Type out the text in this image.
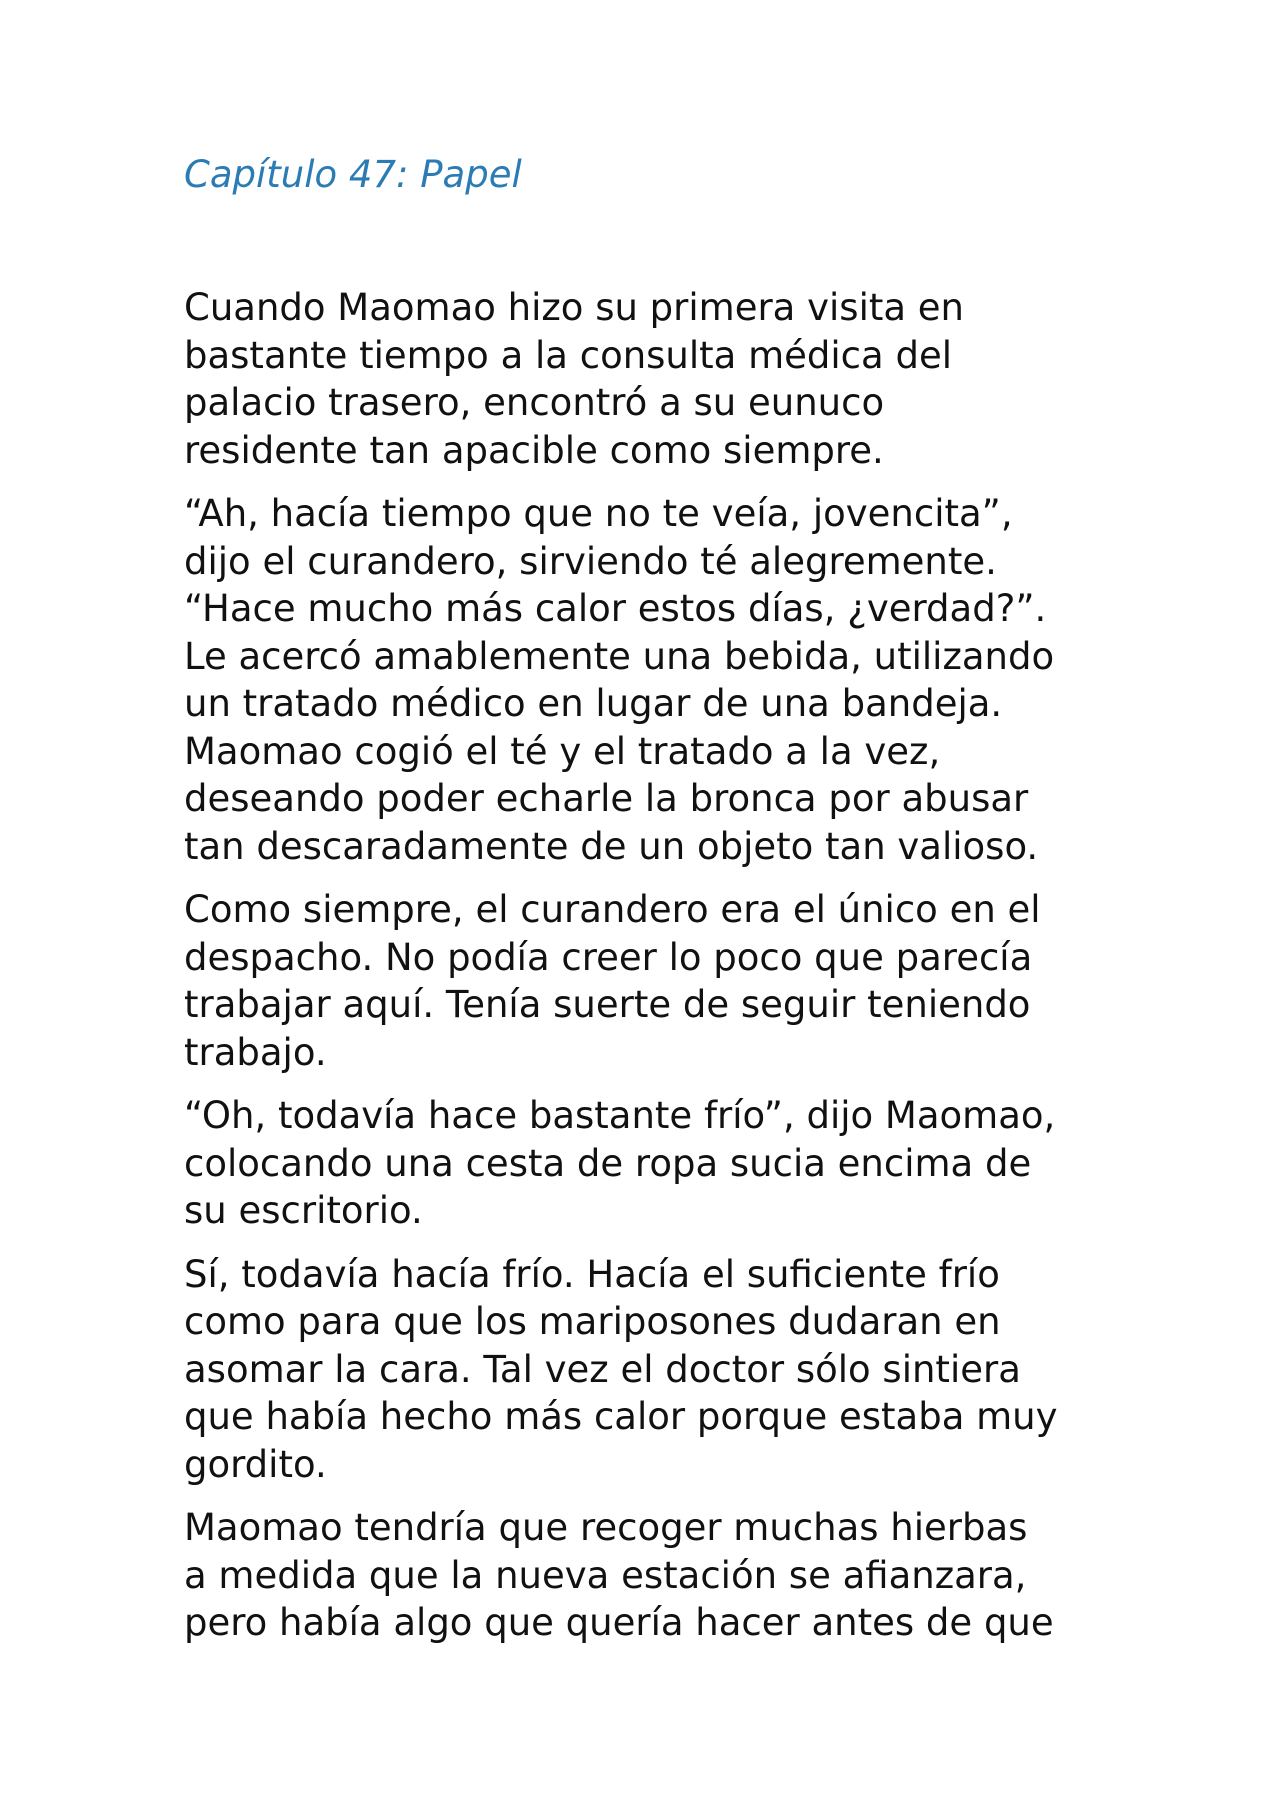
Capítulo 47: Papel

Cuando Maomao hizo su primera visita en
bastante tiempo a la consulta médica del
palacio trasero, encontró a su eunuco
residente tan apacible como siempre.

“Ah, hacía tiempo que no te veía, jovencita”,
dijo el curandero, sirviendo té alegremente.
“Hace mucho más calor estos días, ¿verdad?”.
Le acercó amablemente una bebida, utilizando
un tratado médico en lugar de una bandeja.
Maomao cogió el té y el tratado a la vez,
deseando poder echarle la bronca por abusar
tan descaradamente de un objeto tan valioso.

Como siempre, el curandero era el único en el
despacho. No podía creer lo poco que parecía
trabajar aquí. Tenía suerte de seguir teniendo
trabajo.

“Oh, todavía hace bastante frío”, dijo Maomao,
colocando una cesta de ropa sucia encima de
su escritorio.

Sí, todavía hacía frío. Hacía el suficiente frío
como para que los mariposones dudaran en
asomar la cara. Tal vez el doctor sólo sintiera
que había hecho más calor porque estaba muy
gordito.

Maomao tendría que recoger muchas hierbas
a medida que la nueva estación se afianzara,
pero había algo que quería hacer antes de que
